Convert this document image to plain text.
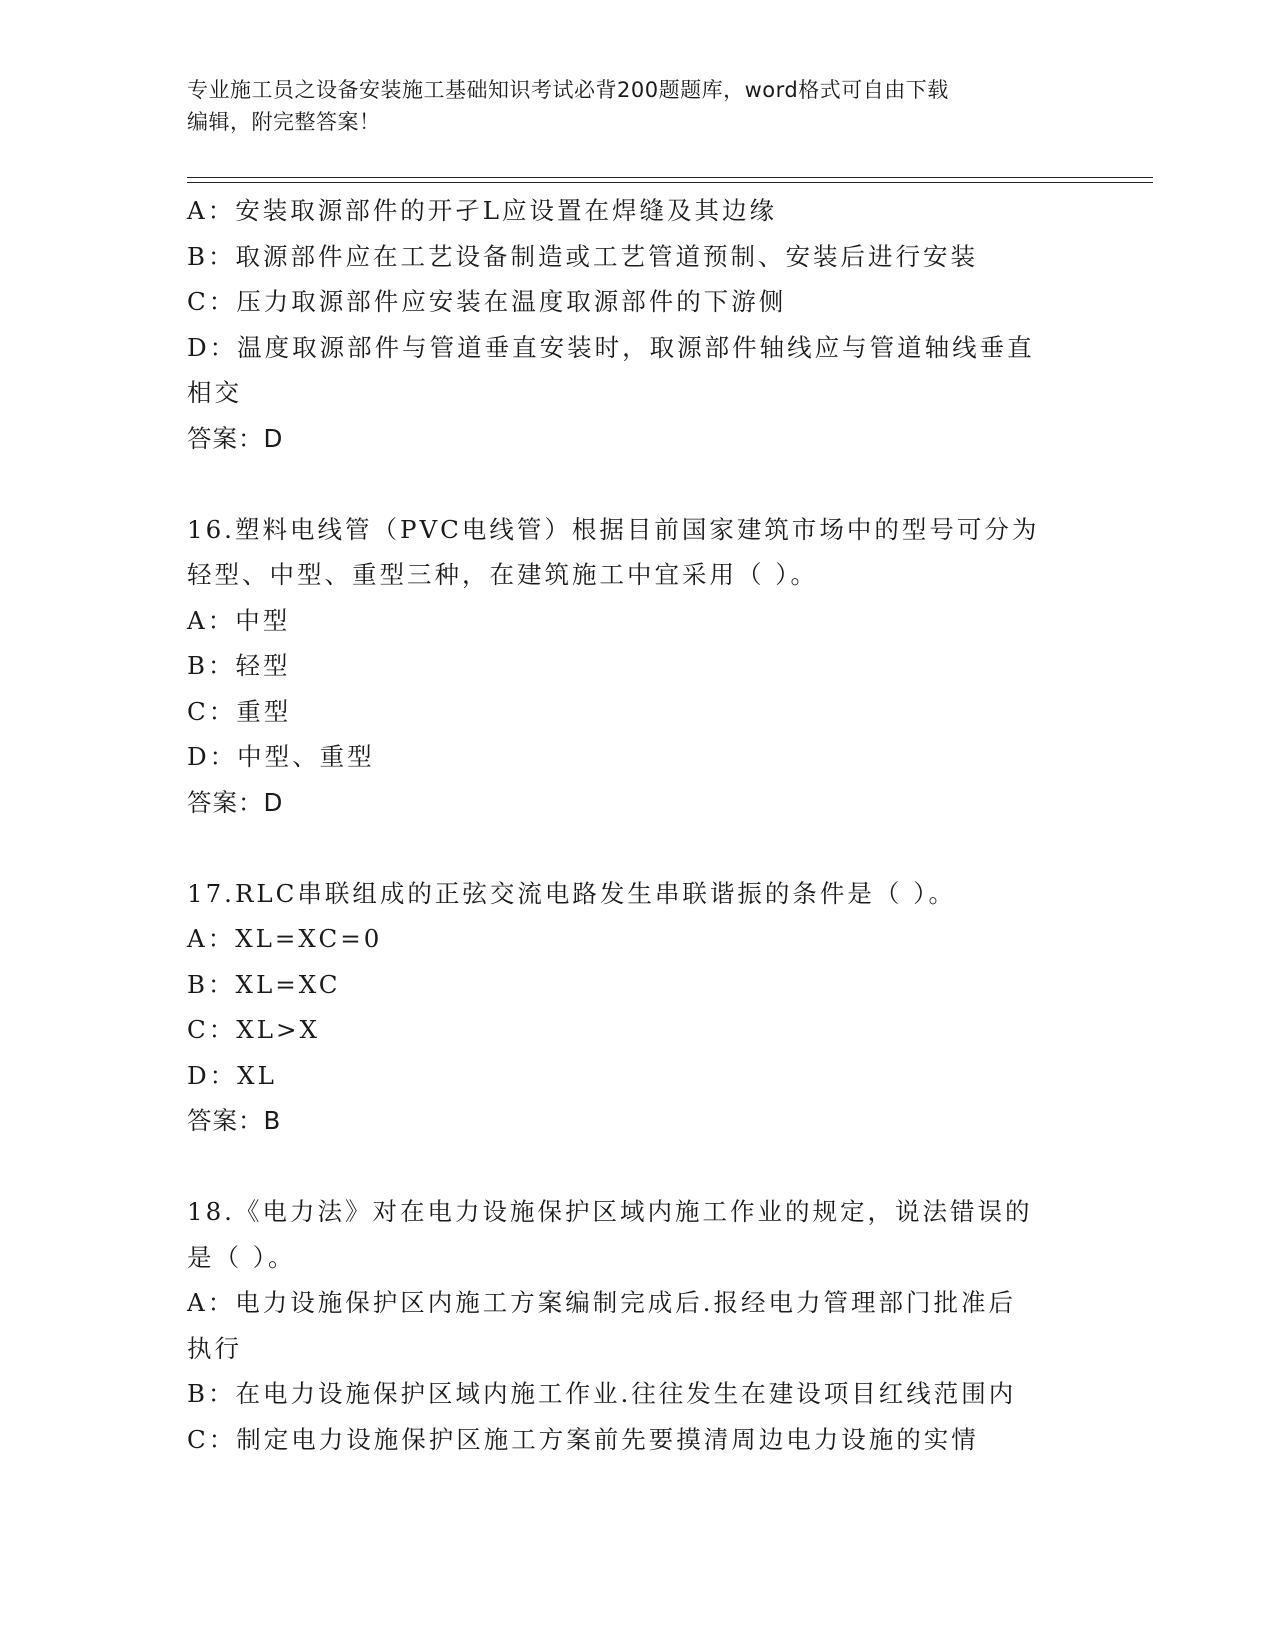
专业施工员之设备安装施工基础知识考试必背200题题库，word格式可自由下载
编辑，附完整答案！
A：安装取源部件的开孑L应设置在焊缝及其边缘
B：取源部件应在工艺设备制造或工艺管道预制、安装后进行安装
C：压力取源部件应安装在温度取源部件的下游侧
D：温度取源部件与管道垂直安装时，取源部件轴线应与管道轴线垂直
相交
答案：D
16.塑料电线管（PVC电线管）根据目前国家建筑市场中的型号可分为
轻型、中型、重型三种，在建筑施工中宜采用（ ）。
A：中型
B：轻型
C：重型
D：中型、重型
答案：D
17.RLC串联组成的正弦交流电路发生串联谐振的条件是（ ）。
A：XL=XC=0
B：XL=XC
C：XL>X
D：XL
答案：B
18.《电力法》对在电力设施保护区域内施工作业的规定，说法错误的
是（ ）。
A：电力设施保护区内施工方案编制完成后.报经电力管理部门批准后
执行
B：在电力设施保护区域内施工作业.往往发生在建设项目红线范围内
C：制定电力设施保护区施工方案前先要摸清周边电力设施的实情
